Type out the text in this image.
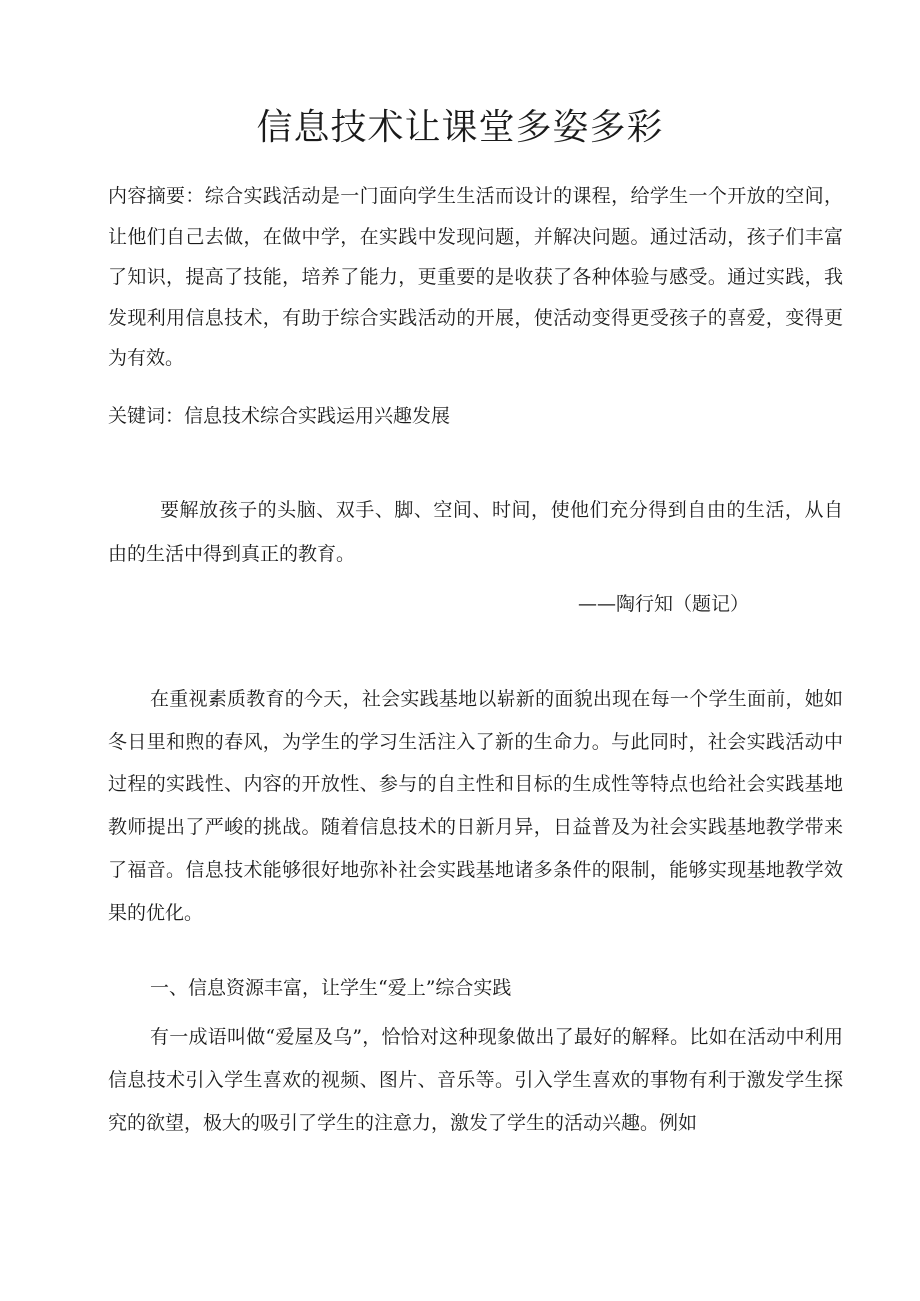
信息技术让课堂多姿多彩

内容摘要：综合实践活动是一门面向学生生活而设计的课程，给学生一个开放的空间，让他们自己去做，在做中学，在实践中发现问题，并解决问题。通过活动，孩子们丰富了知识，提高了技能，培养了能力，更重要的是收获了各种体验与感受。通过实践，我发现利用信息技术，有助于综合实践活动的开展，使活动变得更受孩子的喜爱，变得更为有效。

关键词：信息技术综合实践运用兴趣发展

要解放孩子的头脑、双手、脚、空间、时间，使他们充分得到自由的生活，从自由的生活中得到真正的教育。

——陶行知（题记）

在重视素质教育的今天，社会实践基地以崭新的面貌出现在每一个学生面前，她如冬日里和煦的春风，为学生的学习生活注入了新的生命力。与此同时，社会实践活动中过程的实践性、内容的开放性、参与的自主性和目标的生成性等特点也给社会实践基地教师提出了严峻的挑战。随着信息技术的日新月异，日益普及为社会实践基地教学带来了福音。信息技术能够很好地弥补社会实践基地诸多条件的限制，能够实现基地教学效果的优化。

一、信息资源丰富，让学生“爱上”综合实践

有一成语叫做“爱屋及乌”，恰恰对这种现象做出了最好的解释。比如在活动中利用信息技术引入学生喜欢的视频、图片、音乐等。引入学生喜欢的事物有利于激发学生探究的欲望，极大的吸引了学生的注意力，激发了学生的活动兴趣。例如
